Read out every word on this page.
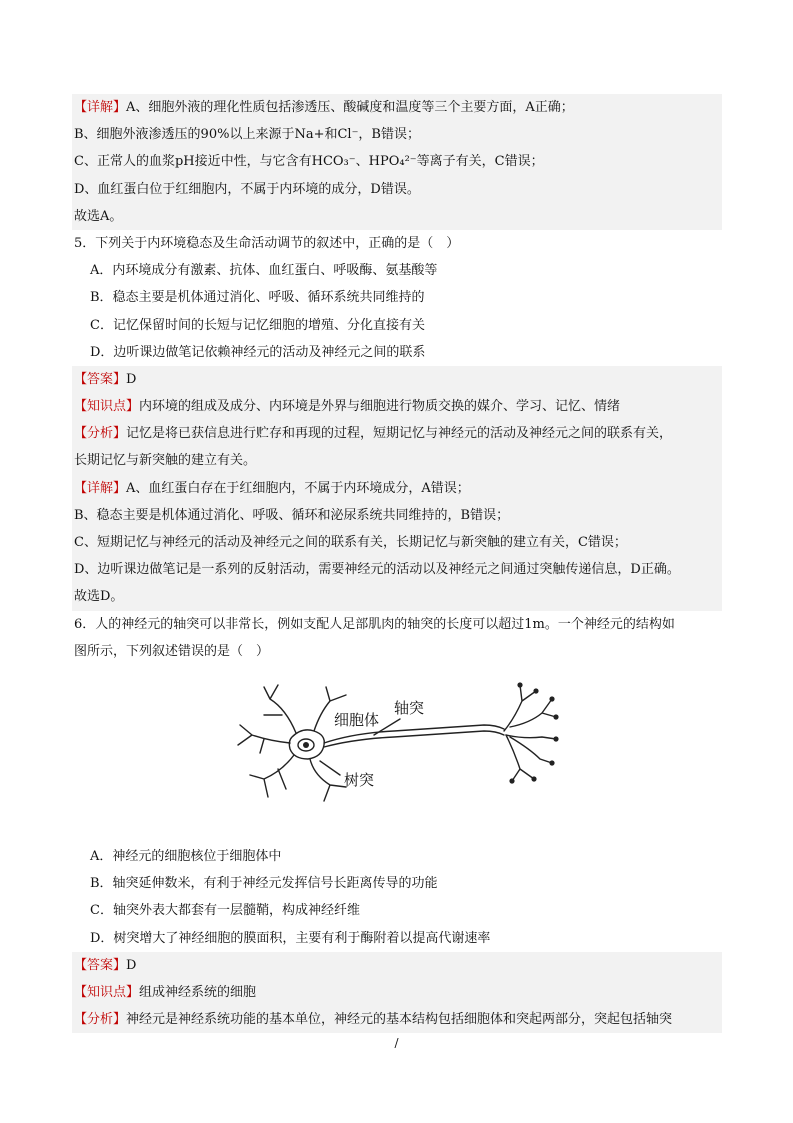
【详解】A、细胞外液的理化性质包括渗透压、酸碱度和温度等三个主要方面，A正确；
B、细胞外液渗透压的90%以上来源于Na+和Cl⁻，B错误；
C、正常人的血浆pH接近中性，与它含有HCO₃⁻、HPO₄²⁻等离子有关，C错误；
D、血红蛋白位于红细胞内，不属于内环境的成分，D错误。
故选A。
5．下列关于内环境稳态及生命活动调节的叙述中，正确的是（　）
A．内环境成分有激素、抗体、血红蛋白、呼吸酶、氨基酸等
B．稳态主要是机体通过消化、呼吸、循环系统共同维持的
C．记忆保留时间的长短与记忆细胞的增殖、分化直接有关
D．边听课边做笔记依赖神经元的活动及神经元之间的联系
【答案】D
【知识点】内环境的组成及成分、内环境是外界与细胞进行物质交换的媒介、学习、记忆、情绪
【分析】记忆是将已获信息进行贮存和再现的过程，短期记忆与神经元的活动及神经元之间的联系有关，
长期记忆与新突触的建立有关。
【详解】A、血红蛋白存在于红细胞内，不属于内环境成分，A错误；
B、稳态主要是机体通过消化、呼吸、循环和泌尿系统共同维持的，B错误；
C、短期记忆与神经元的活动及神经元之间的联系有关，长期记忆与新突触的建立有关，C错误；
D、边听课边做笔记是一系列的反射活动，需要神经元的活动以及神经元之间通过突触传递信息，D正确。
故选D。
6．人的神经元的轴突可以非常长，例如支配人足部肌肉的轴突的长度可以超过1m。一个神经元的结构如
图所示，下列叙述错误的是（　）
细胞体
轴突
树突
A．神经元的细胞核位于细胞体中
B．轴突延伸数米，有利于神经元发挥信号长距离传导的功能
C．轴突外表大都套有一层髓鞘，构成神经纤维
D．树突增大了神经细胞的膜面积，主要有利于酶附着以提高代谢速率
【答案】D
【知识点】组成神经系统的细胞
【分析】神经元是神经系统功能的基本单位，神经元的基本结构包括细胞体和突起两部分，突起包括轴突
/
